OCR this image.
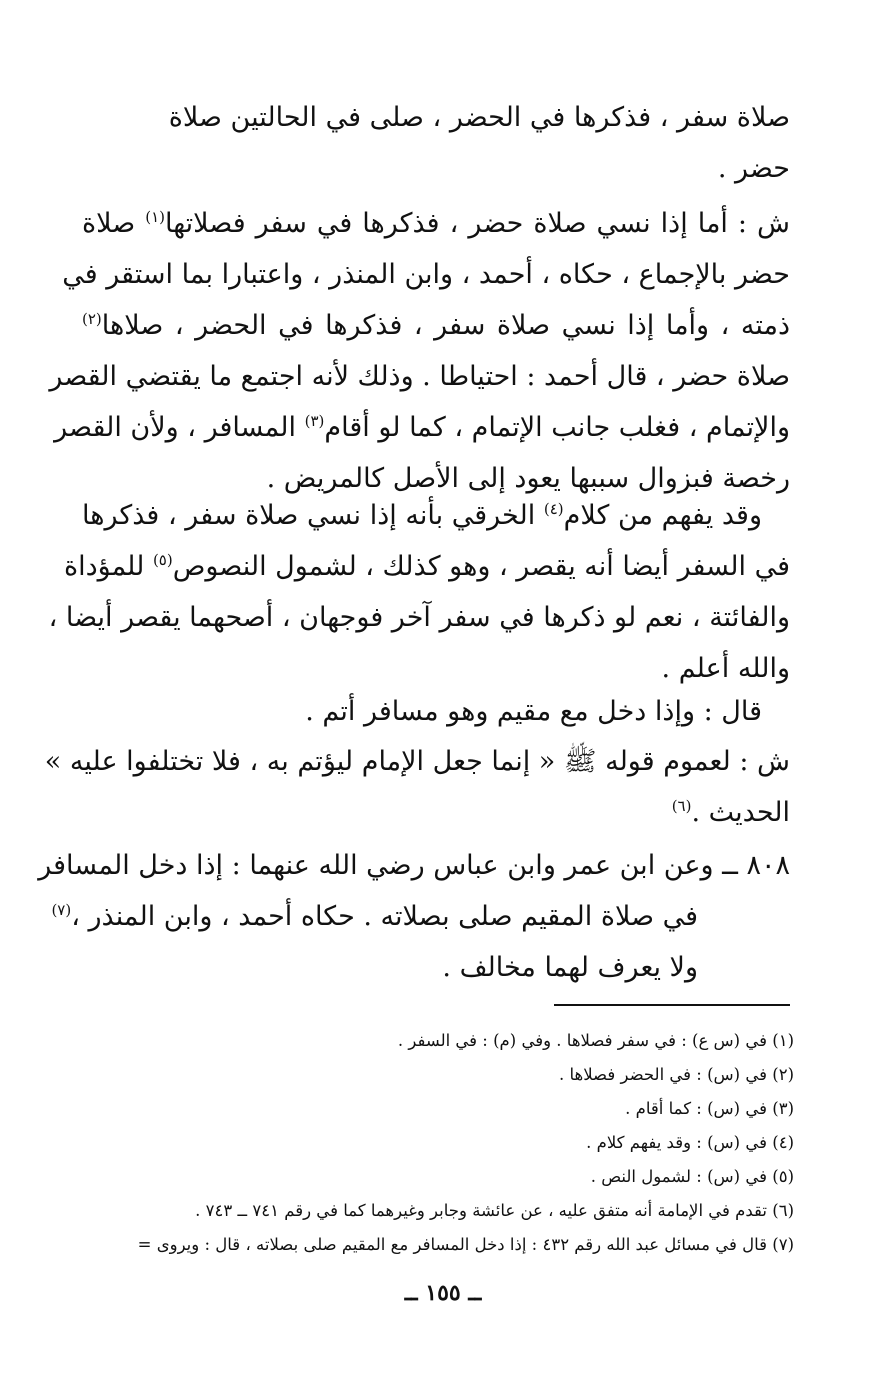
صلاة سفر ، فذكرها في الحضر ، صلى في الحالتين صلاة
حضر .
ش : أما إذا نسي صلاة حضر ، فذكرها في سفر فصلاتها$^{(١)}$ صلاة
حضر بالإجماع ، حكاه ، أحمد ، وابن المنذر ، واعتبارا بما استقر في
ذمته ، وأما إذا نسي صلاة سفر ، فذكرها في الحضر ، صلاها$^{(٢)}$
صلاة حضر ، قال أحمد : احتياطا . وذلك لأنه اجتمع ما يقتضي القصر
والإتمام ، فغلب جانب الإتمام ، كما لو أقام$^{(٣)}$ المسافر ، ولأن القصر
رخصة فبزوال سببها يعود إلى الأصل كالمريض .
وقد يفهم من كلام$^{(٤)}$ الخرقي بأنه إذا نسي صلاة سفر ، فذكرها
في السفر أيضا أنه يقصر ، وهو كذلك ، لشمول النصوص$^{(٥)}$ للمؤداة
والفائتة ، نعم لو ذكرها في سفر آخر فوجهان ، أصحهما يقصر أيضا ،
والله أعلم .
قال : وإذا دخل مع مقيم وهو مسافر أتم .
ش : لعموم قوله ﷺ « إنما جعل الإمام ليؤتم به ، فلا تختلفوا عليه »
الحديث .$^{(٦)}$
٨٠٨ ــ وعن ابن عمر وابن عباس رضي الله عنهما : إذا دخل المسافر
في صلاة المقيم صلى بصلاته . حكاه أحمد ، وابن المنذر ،$^{(٧)}$
ولا يعرف لهما مخالف .
(١) في (س ع) : في سفر فصلاها . وفي (م) : في السفر .
(٢) في (س) : في الحضر فصلاها .
(٣) في (س) : كما أقام .
(٤) في (س) : وقد يفهم كلام .
(٥) في (س) : لشمول النص .
(٦) تقدم في الإمامة أنه متفق عليه ، عن عائشة وجابر وغيرهما كما في رقم ٧٤١ ــ ٧٤٣ .
(٧) قال في مسائل عبد الله رقم ٤٣٢ : إذا دخل المسافر مع المقيم صلى بصلاته ، قال : ويروى =
ــ ١٥٥ ــ
